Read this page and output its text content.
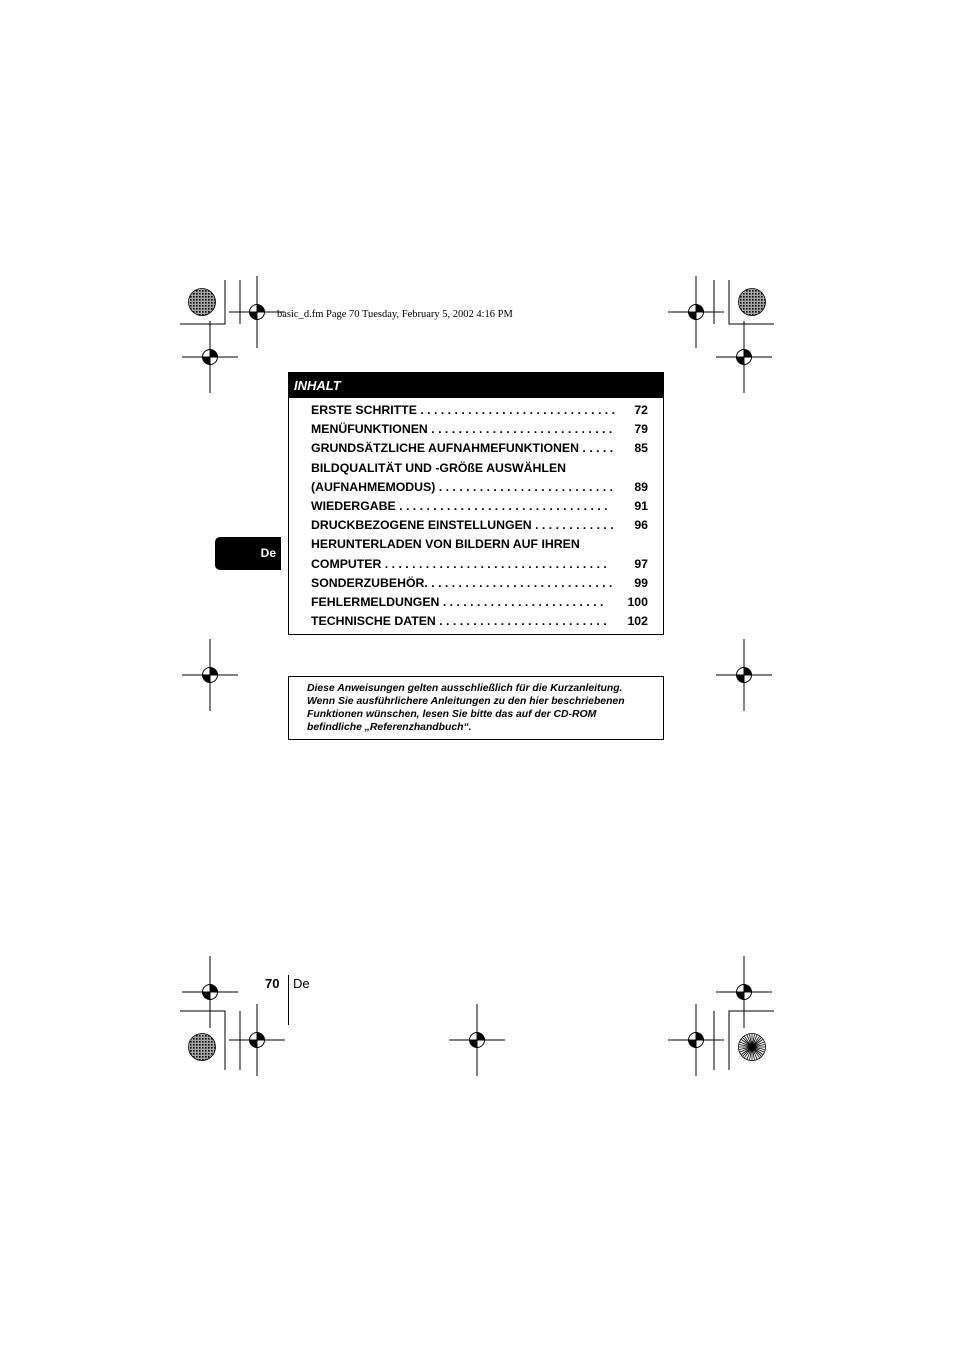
basic_d.fm Page 70 Tuesday, February 5, 2002 4:16 PM
INHALT
ERSTE SCHRITTE . . . . . . . . . . . . . . . . . . . . . . . . . . . . . 72
MENÜFUNKTIONEN . . . . . . . . . . . . . . . . . . . . . . . . . . . 79
GRUNDSÄTZLICHE AUFNAHMEFUNKTIONEN . . . . . 85
BILDQUALITÄT UND -GRÖßE AUSWÄHLEN
(AUFNAHMEMODUS) . . . . . . . . . . . . . . . . . . . . . . . . . . 89
WIEDERGABE . . . . . . . . . . . . . . . . . . . . . . . . . . . . . . . 91
DRUCKBEZOGENE EINSTELLUNGEN . . . . . . . . . . . . 96
HERUNTERLADEN VON BILDERN AUF IHREN
COMPUTER . . . . . . . . . . . . . . . . . . . . . . . . . . . . . . . . . 97
SONDERZUBEHÖR. . . . . . . . . . . . . . . . . . . . . . . . . . . . 99
FEHLERMELDUNGEN . . . . . . . . . . . . . . . . . . . . . . . . 100
TECHNISCHE DATEN . . . . . . . . . . . . . . . . . . . . . . . . . 102
De
Diese Anweisungen gelten ausschließlich für die Kurzanleitung.
Wenn Sie ausführlichere Anleitungen zu den hier beschriebenen
Funktionen wünschen, lesen Sie bitte das auf der CD-ROM
befindliche „Referenzhandbuch“.
70 De
